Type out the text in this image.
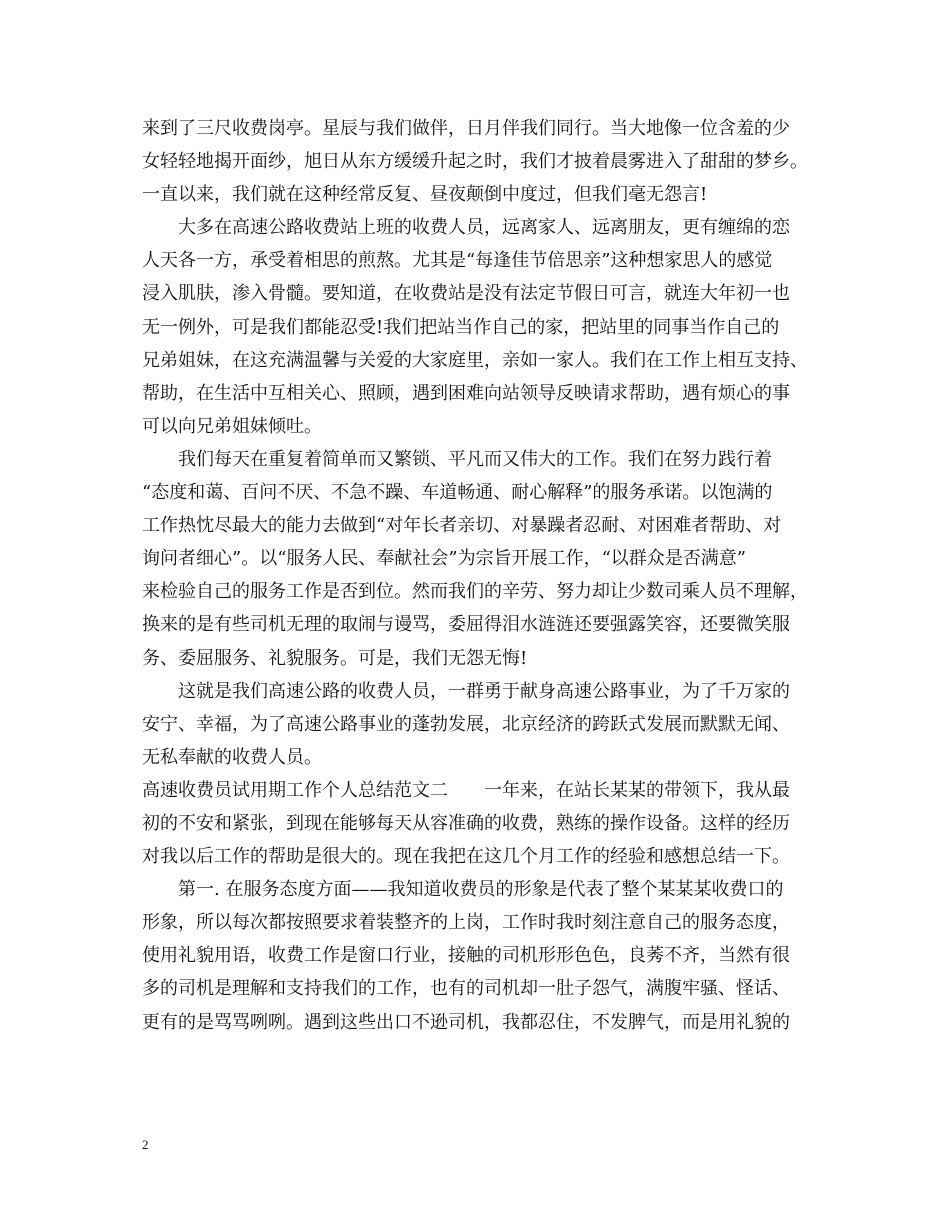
来到了三尺收费岗亭。星辰与我们做伴，日月伴我们同行。当大地像一位含羞的少
女轻轻地揭开面纱，旭日从东方缓缓升起之时，我们才披着晨雾进入了甜甜的梦乡。
一直以来，我们就在这种经常反复、昼夜颠倒中度过，但我们毫无怨言!
大多在高速公路收费站上班的收费人员，远离家人、远离朋友，更有缠绵的恋
人天各一方，承受着相思的煎熬。尤其是“每逢佳节倍思亲”这种想家思人的感觉
浸入肌肤，渗入骨髓。要知道，在收费站是没有法定节假日可言，就连大年初一也
无一例外，可是我们都能忍受!我们把站当作自己的家，把站里的同事当作自己的
兄弟姐妹，在这充满温馨与关爱的大家庭里，亲如一家人。我们在工作上相互支持、
帮助，在生活中互相关心、照顾，遇到困难向站领导反映请求帮助，遇有烦心的事
可以向兄弟姐妹倾吐。
我们每天在重复着简单而又繁锁、平凡而又伟大的工作。我们在努力践行着
“态度和蔼、百问不厌、不急不躁、车道畅通、耐心解释”的服务承诺。以饱满的
工作热忱尽最大的能力去做到“对年长者亲切、对暴躁者忍耐、对困难者帮助、对
询问者细心”。以“服务人民、奉献社会”为宗旨开展工作，“以群众是否满意”
来检验自己的服务工作是否到位。然而我们的辛劳、努力却让少数司乘人员不理解，
换来的是有些司机无理的取闹与谩骂，委屈得泪水涟涟还要强露笑容，还要微笑服
务、委屈服务、礼貌服务。可是，我们无怨无悔!
这就是我们高速公路的收费人员，一群勇于献身高速公路事业，为了千万家的
安宁、幸福，为了高速公路事业的蓬勃发展，北京经济的跨跃式发展而默默无闻、
无私奉献的收费人员。
高速收费员试用期工作个人总结范文二　　一年来，在站长某某的带领下，我从最
初的不安和紧张，到现在能够每天从容准确的收费，熟练的操作设备。这样的经历
对我以后工作的帮助是很大的。现在我把在这几个月工作的经验和感想总结一下。
第一. 在服务态度方面——我知道收费员的形象是代表了整个某某某收费口的
形象，所以每次都按照要求着装整齐的上岗，工作时我时刻注意自己的服务态度，
使用礼貌用语，收费工作是窗口行业，接触的司机形形色色，良莠不齐，当然有很
多的司机是理解和支持我们的工作，也有的司机却一肚子怨气，满腹牢骚、怪话、
更有的是骂骂咧咧。遇到这些出口不逊司机，我都忍住，不发脾气，而是用礼貌的
2
